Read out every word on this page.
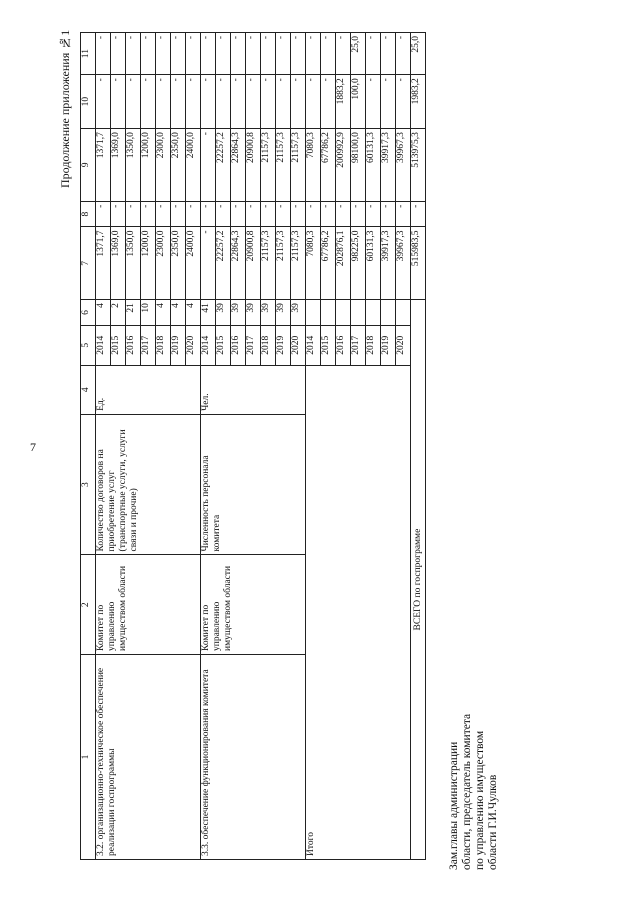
7
Продолжение приложения №1
1	2	3	4	5	6	7	8	9	10	11
3.2. организационно-техническое обеспечение реализации госпрограммы	Комитет по управлению имуществом области	Количество договоров на приобретение услуг (транспортные услуги, услуги связи и прочие)	Ед.	2014	4	1371,7	-	1371,7	-	-
				2015	2	1369,0	-	1369,0	-	-
				2016	21	1350,0	-	1350,0	-	-
				2017	10	1200,0	-	1200,0	-	-
				2018	4	2300,0	-	2300,0	-	-
				2019	4	2350,0	-	2350,0	-	-
				2020	4	2400,0	-	2400,0	-	-
3.3. обеспечение функционирования комитета	Комитет по управлению имуществом области	Численность персонала комитета	Чел.	2014	41	-	-	-	-	-
				2015	39	22257,2	-	22257,2	-	-
				2016	39	22864,3	-	22864,3	-	-
				2017	39	20900,8	-	20900,8	-	-
				2018	39	21157,3	-	21157,3	-	-
				2019	39	21157,3	-	21157,3	-	-
				2020	39	21157,3	-	21157,3	-	-
Итого				2014		7080,3	-	7080,3	-	-
				2015		67786,2	-	67786,2	-	-
				2016		202876,1	-	200992,9	1883,2	-
				2017		98225,0	-	98100,0	100,0	25,0
				2018		60131,3	-	60131,3	-	-
				2019		39917,3	-	39917,3	-	-
				2020		39967,3	-	39967,3	-	-
ВСЕГО по госпрограмме						515983,5	-	513975,3	1983,2	25,0
Зам.главы администрации области, председатель комитета по управлению имуществом области Г.И.Чулков
